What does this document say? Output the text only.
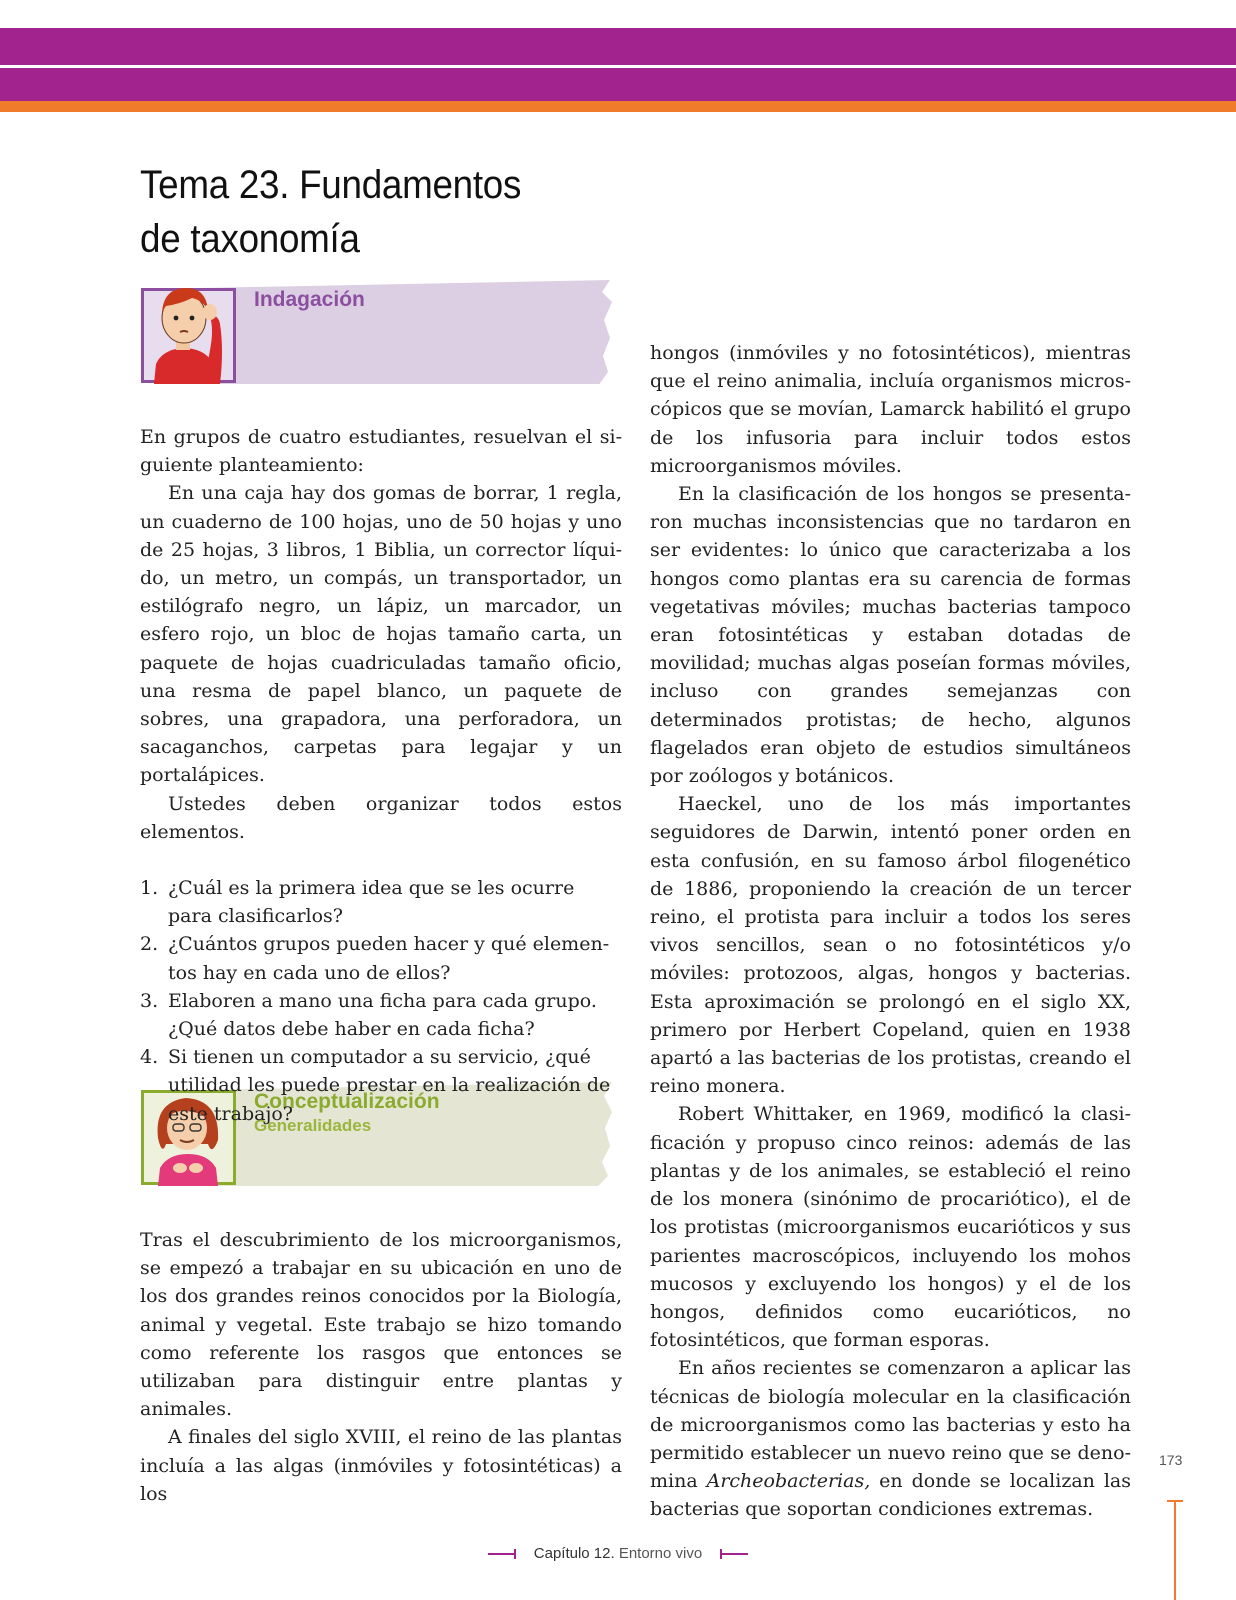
Tema 23. Fundamentos
de taxonomía
Indagación
Conceptualización
Generalidades

En grupos de cuatro estudiantes, resuelvan el siguiente planteamiento:

En una caja hay dos gomas de borrar, 1 regla, un cuaderno de 100 hojas, uno de 50 hojas y uno de 25 hojas, 3 libros, 1 Biblia, un corrector líquido, un metro, un compás, un transportador, un estilógrafo negro, un lápiz, un marcador, un esfero rojo, un bloc de hojas tamaño carta, un paquete de hojas cuadriculadas tamaño oficio, una resma de papel blanco, un paquete de sobres, una grapadora, una perforadora, un sacaganchos, carpetas para legajar y un portalápices.

Ustedes deben organizar todos estos elementos.

1. ¿Cuál es la primera idea que se les ocurre para clasificarlos?
2. ¿Cuántos grupos pueden hacer y qué elementos hay en cada uno de ellos?
3. Elaboren a mano una ficha para cada grupo. ¿Qué datos debe haber en cada ficha?
4. Si tienen un computador a su servicio, ¿qué utilidad les puede prestar en la realización de este trabajo?

Tras el descubrimiento de los microorganismos, se empezó a trabajar en su ubicación en uno de los dos grandes reinos conocidos por la Biología, animal y vegetal. Este trabajo se hizo tomando como referente los rasgos que entonces se utilizaban para distinguir entre plantas y animales.

A finales del siglo XVIII, el reino de las plantas incluía a las algas (inmóviles y fotosintéticas) a los

hongos (inmóviles y no fotosintéticos), mientras que el reino animalia, incluía organismos microscópicos que se movían, Lamarck habilitó el grupo de los infusoria para incluir todos estos microorganismos móviles.

En la clasificación de los hongos se presentaron muchas inconsistencias que no tardaron en ser evidentes: lo único que caracterizaba a los hongos como plantas era su carencia de formas vegetativas móviles; muchas bacterias tampoco eran fotosintéticas y estaban dotadas de movilidad; muchas algas poseían formas móviles, incluso con grandes semejanzas con determinados protistas; de hecho, algunos flagelados eran objeto de estudios simultáneos por zoólogos y botánicos.

Haeckel, uno de los más importantes seguidores de Darwin, intentó poner orden en esta confusión, en su famoso árbol filogenético de 1886, proponiendo la creación de un tercer reino, el protista para incluir a todos los seres vivos sencillos, sean o no fotosintéticos y/o móviles: protozoos, algas, hongos y bacterias. Esta aproximación se prolongó en el siglo XX, primero por Herbert Copeland, quien en 1938 apartó a las bacterias de los protistas, creando el reino monera.

Robert Whittaker, en 1969, modificó la clasificación y propuso cinco reinos: además de las plantas y de los animales, se estableció el reino de los monera (sinónimo de procariótico), el de los protistas (microorganismos eucarióticos y sus parientes macroscópicos, incluyendo los mohos mucosos y excluyendo los hongos) y el de los hongos, definidos como eucarióticos, no fotosintéticos, que forman esporas.

En años recientes se comenzaron a aplicar las técnicas de biología molecular en la clasificación de microorganismos como las bacterias y esto ha permitido establecer un nuevo reino que se denomina Archeobacterias, en donde se localizan las bacterias que soportan condiciones extremas.

173
Capítulo 12. Entorno vivo
